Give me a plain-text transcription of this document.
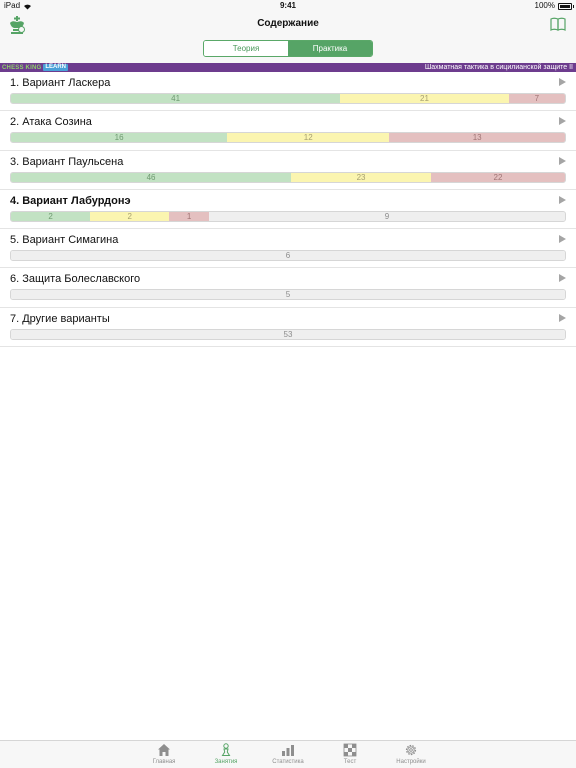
iPad	9:41	100%
Содержание
Теория	Практика
CHESS KING LEARN	Шахматная тактика в сицилианской защите II
1. Вариант Ласкера
41	21	7
2. Атака Созина
16	12	13
3. Вариант Паульсена
46	23	22
4. Вариант Лабурдонэ
2	2	1	9
5. Вариант Симагина
6
6. Защита Болеславского
5
7. Другие варианты
53
Главная	Занятия	Статистика	Тест	Настройки
